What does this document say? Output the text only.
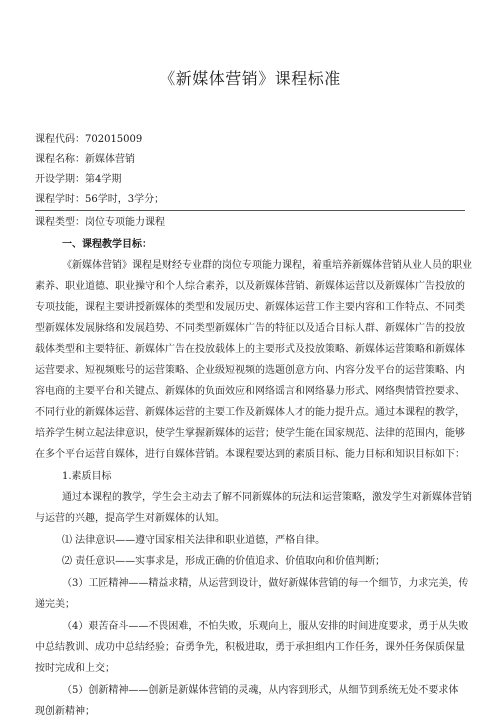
《新媒体营销》课程标准
课程代码：702015009
课程名称：新媒体营销
开设学期：第4学期
课程学时：56学时，3学分；
课程类型：岗位专项能力课程
一、课程教学目标：
《新媒体营销》课程是财经专业群的岗位专项能力课程，着重培养新媒体营销从业人员的职业
素养、职业道德、职业操守和个人综合素养，以及新媒体营销、新媒体运营以及新媒体广告投放的
专项技能，课程主要讲授新媒体的类型和发展历史、新媒体运营工作主要内容和工作特点、不同类
型新媒体发展脉络和发展趋势、不同类型新媒体广告的特征以及适合目标人群、新媒体广告的投放
载体类型和主要特征、新媒体广告在投放载体上的主要形式及投放策略、新媒体运营策略和新媒体
运营要求、短视频账号的运营策略、企业级短视频的选题创意方向、内容分发平台的运营策略、内
容电商的主要平台和关键点、新媒体的负面效应和网络谣言和网络暴力形式、网络舆情管控要求、
不同行业的新媒体运营、新媒体运营的主要工作及新媒体人才的能力提升点。通过本课程的教学，
培养学生树立起法律意识，使学生掌握新媒体的运营；使学生能在国家规范、法律的范围内，能够
在多个平台运营自媒体，进行自媒体营销。本课程要达到的素质目标、能力目标和知识目标如下：
1.素质目标
通过本课程的教学，学生会主动去了解不同新媒体的玩法和运营策略，激发学生对新媒体营销
与运营的兴趣，提高学生对新媒体的认知。
⑴ 法律意识——遵守国家相关法律和职业道德，严格自律。
⑵ 责任意识——实事求是，形成正确的价值追求、价值取向和价值判断；
（3）工匠精神——精益求精，从运营到设计，做好新媒体营销的每一个细节，力求完美，传
递完美；
（4）艰苦奋斗——不畏困难，不怕失败，乐观向上，服从安排的时间进度要求，勇于从失败
中总结教训、成功中总结经验；奋勇争先，积极进取，勇于承担组内工作任务，课外任务保质保量
按时完成和上交；
（5）创新精神——创新是新媒体营销的灵魂，从内容到形式，从细节到系统无处不要求体
现创新精神；
